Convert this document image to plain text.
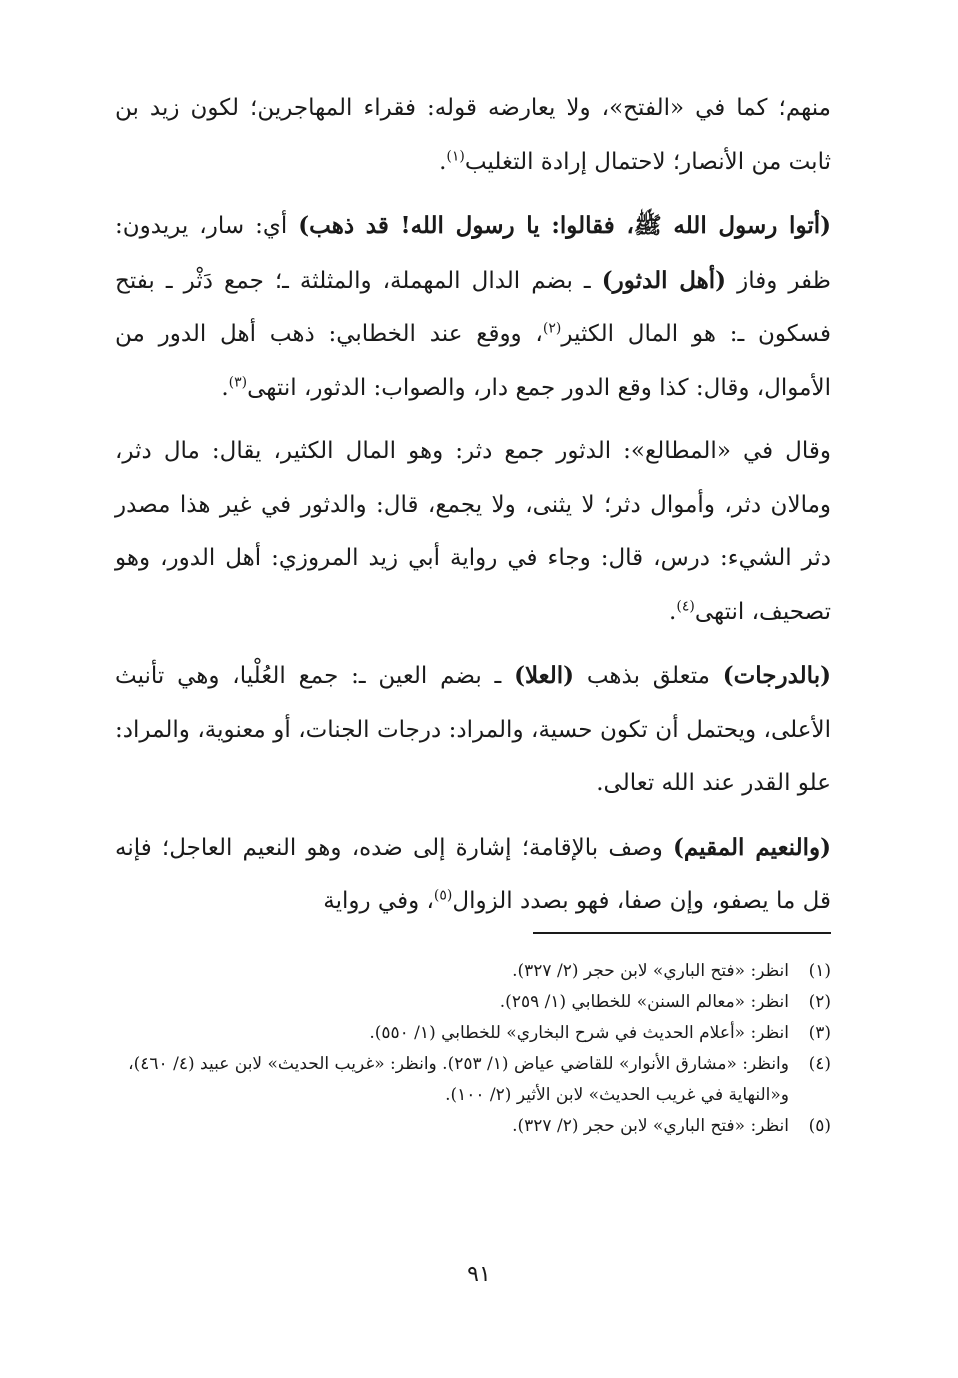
منهم؛ كما في «الفتح»، ولا يعارضه قوله: فقراء المهاجرين؛ لكون زيد بن ثابت من الأنصار؛ لاحتمال إرادة التغليب$^{(١)}$.

(أتوا رسول الله ﷺ، فقالوا: يا رسول الله! قد ذهب) أي: سار، يريدون: ظفر وفاز (أهل الدثور) ـ بضم الدال المهملة، والمثلثة ـ؛ جمع دَثْر ـ بفتح فسكون ـ: هو المال الكثير$^{(٢)}$، ووقع عند الخطابي: ذهب أهل الدور من الأموال، وقال: كذا وقع الدور جمع دار، والصواب: الدثور، انتهى$^{(٣)}$.

وقال في «المطالع»: الدثور جمع دثر: وهو المال الكثير، يقال: مال دثر، ومالان دثر، وأموال دثر؛ لا يثنى، ولا يجمع، قال: والدثور في غير هذا مصدر دثر الشيء: درس، قال: وجاء في رواية أبي زيد المروزي: أهل الدور، وهو تصحيف، انتهى$^{(٤)}$.

(بالدرجات) متعلق بذهب (العلا) ـ بضم العين ـ: جمع العُلْيا، وهي تأنيث الأعلى، ويحتمل أن تكون حسية، والمراد: درجات الجنات، أو معنوية، والمراد: علو القدر عند الله تعالى.

(والنعيم المقيم) وصف بالإقامة؛ إشارة إلى ضده، وهو النعيم العاجل؛ فإنه قل ما يصفو، وإن صفا، فهو بصدد الزوال$^{(٥)}$، وفي رواية

(١)
انظر: «فتح الباري» لابن حجر (٢/ ٣٢٧).
(٢)
انظر: «معالم السنن» للخطابي (١/ ٢٥٩).
(٣)
انظر: «أعلام الحديث في شرح البخاري» للخطابي (١/ ٥٥٠).
(٤)
وانظر: «مشارق الأنوار» للقاضي عياض (١/ ٢٥٣). وانظر: «غريب الحديث» لابن عبيد (٤/ ٤٦٠)، و«النهاية في غريب الحديث» لابن الأثير (٢/ ١٠٠).
(٥)
انظر: «فتح الباري» لابن حجر (٢/ ٣٢٧).
٩١
